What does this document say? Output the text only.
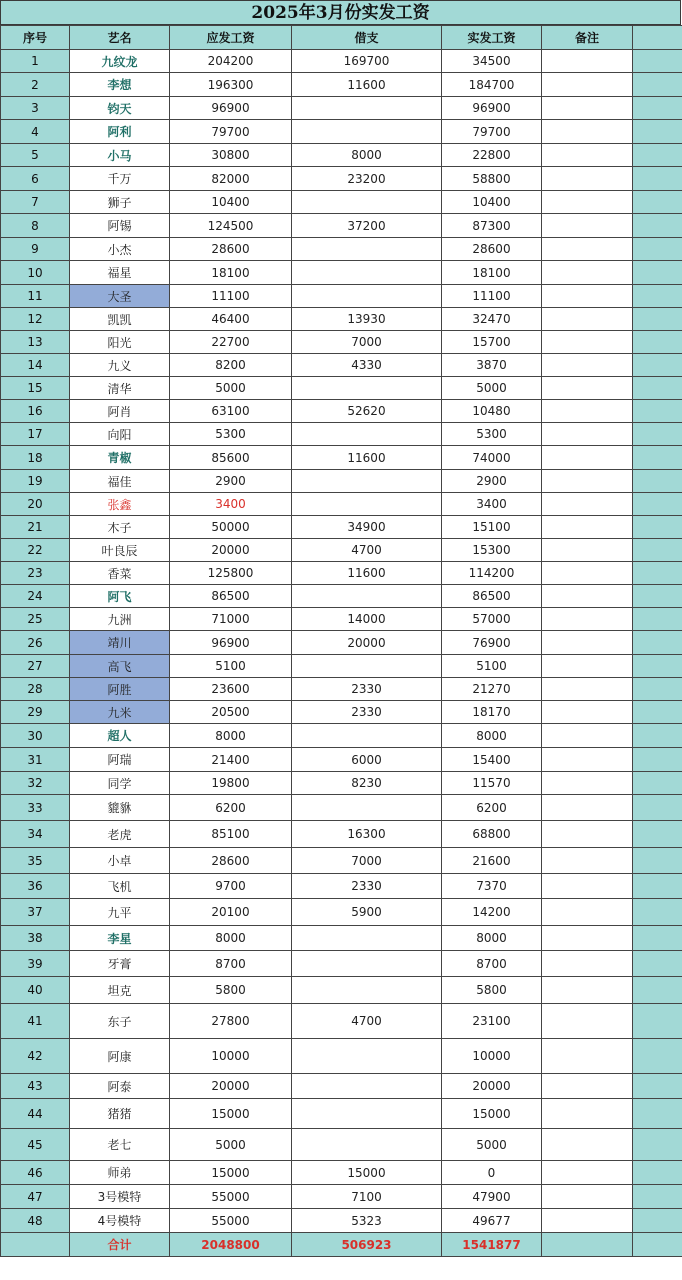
2025年3月份实发工资
序号	艺名	应发工资	借支	实发工资	备注	
1	九纹龙	204200	169700	34500		
2	李想	196300	11600	184700		
3	钧天	96900		96900		
4	阿利	79700		79700		
5	小马	30800	8000	22800		
6	千万	82000	23200	58800		
7	狮子	10400		10400		
8	阿锡	124500	37200	87300		
9	小杰	28600		28600		
10	福星	18100		18100		
11	大圣	11100		11100		
12	凯凯	46400	13930	32470		
13	阳光	22700	7000	15700		
14	九义	8200	4330	3870		
15	清华	5000		5000		
16	阿肖	63100	52620	10480		
17	向阳	5300		5300		
18	青椒	85600	11600	74000		
19	福佳	2900		2900		
20	张鑫	3400		3400		
21	木子	50000	34900	15100		
22	叶良辰	20000	4700	15300		
23	香菜	125800	11600	114200		
24	阿飞	86500		86500		
25	九洲	71000	14000	57000		
26	靖川	96900	20000	76900		
27	高飞	5100		5100		
28	阿胜	23600	2330	21270		
29	九米	20500	2330	18170		
30	超人	8000		8000		
31	阿瑞	21400	6000	15400		
32	同学	19800	8230	11570		
33	貔貅	6200		6200		
34	老虎	85100	16300	68800		
35	小卓	28600	7000	21600		
36	飞机	9700	2330	7370		
37	九平	20100	5900	14200		
38	李星	8000		8000		
39	牙膏	8700		8700		
40	坦克	5800		5800		
41	东子	27800	4700	23100		
42	阿康	10000		10000		
43	阿泰	20000		20000		
44	猪猪	15000		15000		
45	老七	5000		5000		
46	师弟	15000	15000	0		
47	3号模特	55000	7100	47900		
48	4号模特	55000	5323	49677		
	合计	2048800	506923	1541877		
